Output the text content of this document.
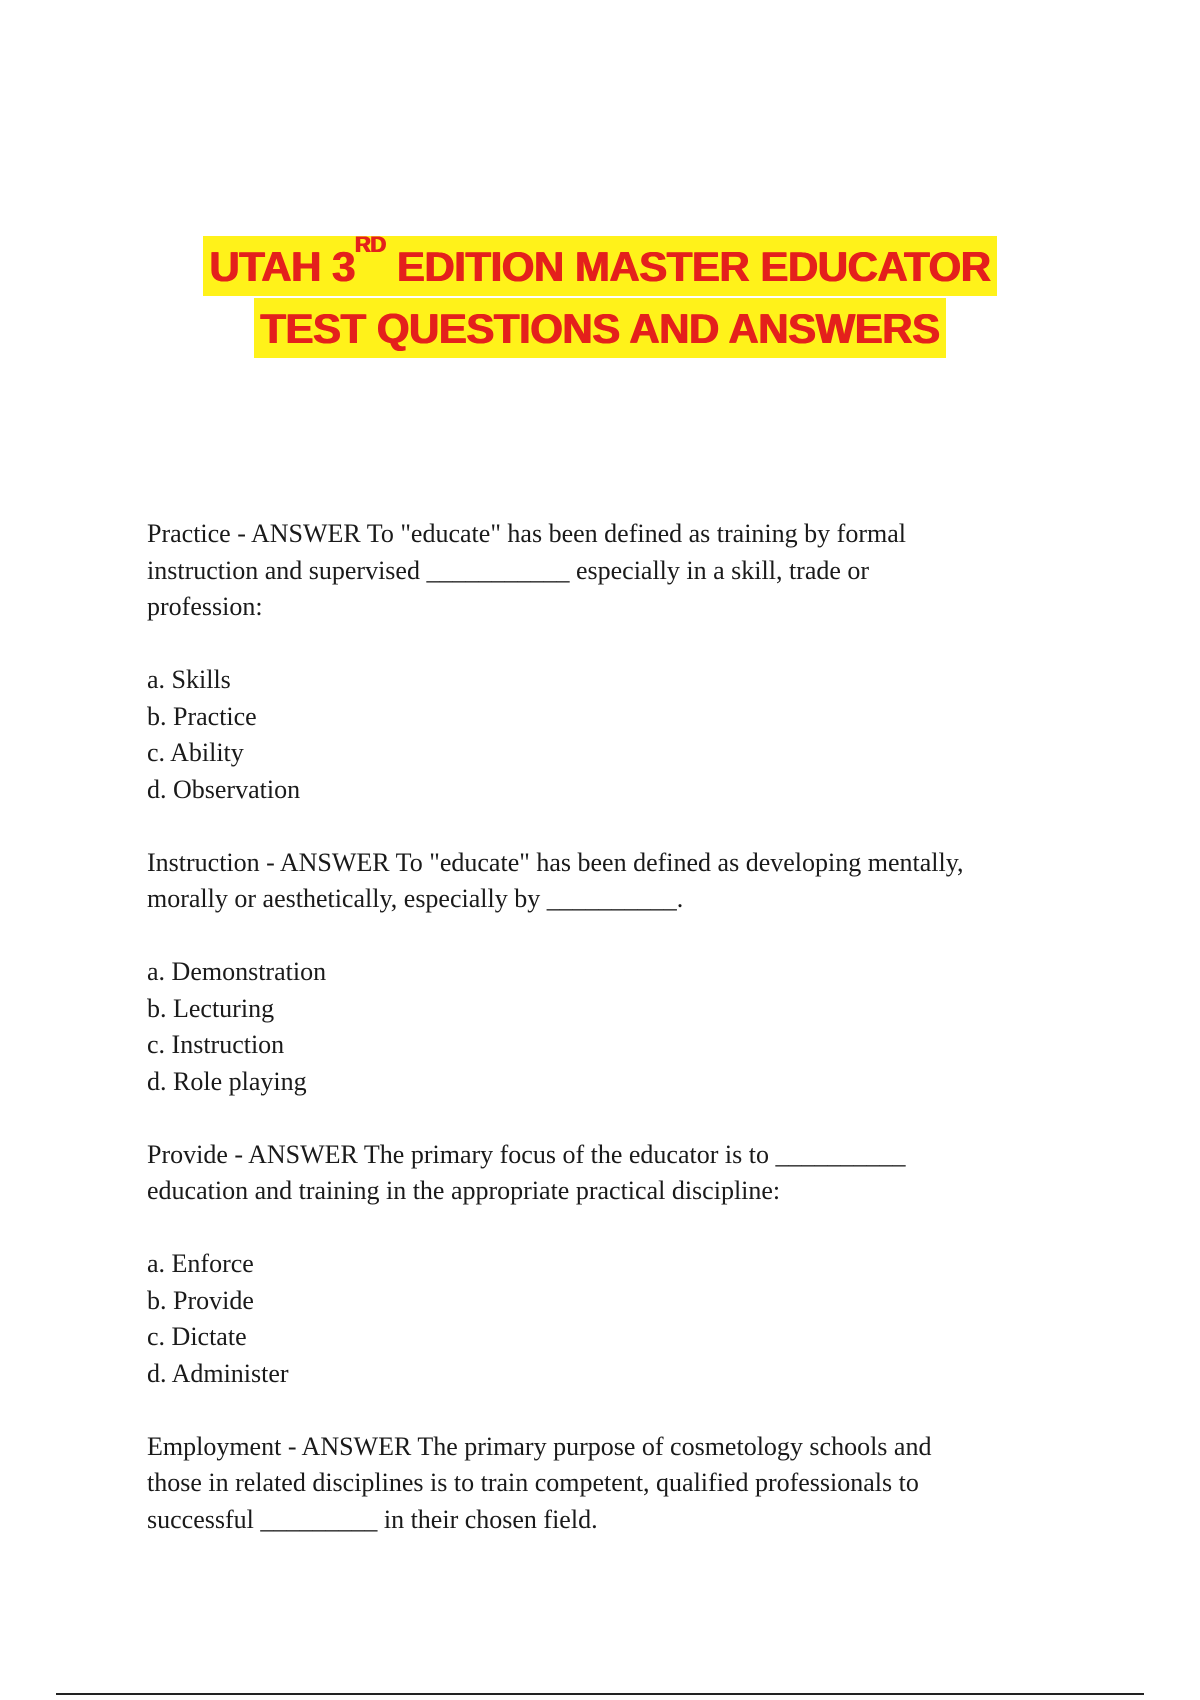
UTAH 3RD EDITION MASTER EDUCATOR
TEST QUESTIONS AND ANSWERS
Practice - ANSWER To "educate" has been defined as training by formal
instruction and supervised ___________ especially in a skill, trade or
profession:
a. Skills
b. Practice
c. Ability
d. Observation
Instruction - ANSWER To "educate" has been defined as developing mentally,
morally or aesthetically, especially by __________.
a. Demonstration
b. Lecturing
c. Instruction
d. Role playing
Provide - ANSWER The primary focus of the educator is to __________
education and training in the appropriate practical discipline:
a. Enforce
b. Provide
c. Dictate
d. Administer
Employment - ANSWER The primary purpose of cosmetology schools and
those in related disciplines is to train competent, qualified professionals to
successful _________ in their chosen field.
